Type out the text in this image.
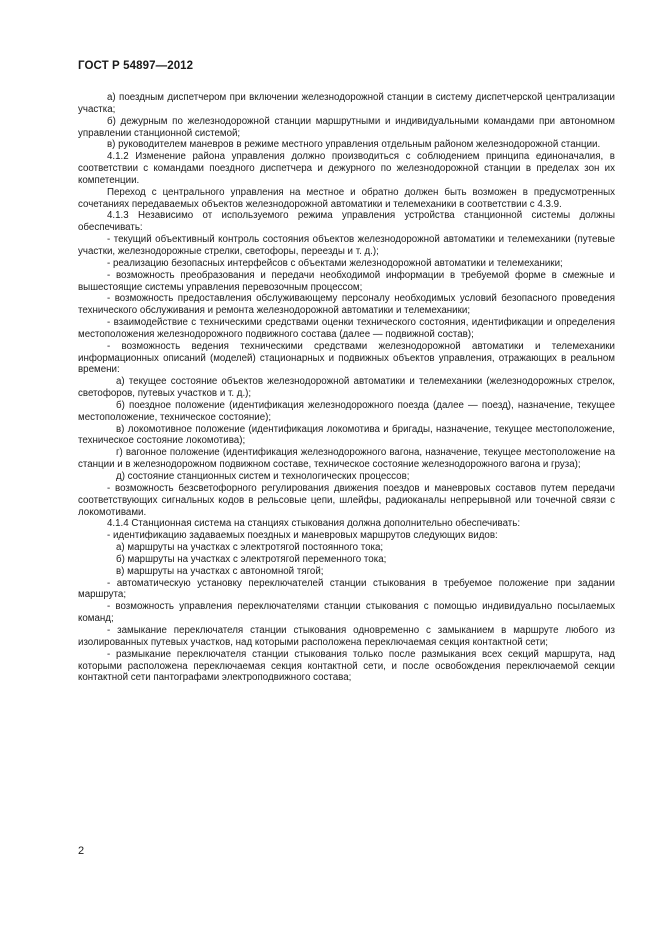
ГОСТ Р 54897—2012

а) поездным диспетчером при включении железнодорожной станции в систему диспетчерской централизации участка;

б) дежурным по железнодорожной станции маршрутными и индивидуальными командами при автономном управлении станционной системой;

в) руководителем маневров в режиме местного управления отдельным районом железнодорожной станции.

4.1.2 Изменение района управления должно производиться с соблюдением принципа единоначалия, в соответствии с командами поездного диспетчера и дежурного по железнодорожной станции в пределах зон их компетенции.

Переход с центрального управления на местное и обратно должен быть возможен в предусмотренных сочетаниях передаваемых объектов железнодорожной автоматики и телемеханики в соответствии с 4.3.9.

4.1.3 Независимо от используемого режима управления устройства станционной системы должны обеспечивать:

- текущий объективный контроль состояния объектов железнодорожной автоматики и телемеханики (путевые участки, железнодорожные стрелки, светофоры, переезды и т. д.);

- реализацию безопасных интерфейсов с объектами железнодорожной автоматики и телемеханики;

- возможность преобразования и передачи необходимой информации в требуемой форме в смежные и вышестоящие системы управления перевозочным процессом;

- возможность предоставления обслуживающему персоналу необходимых условий безопасного проведения технического обслуживания и ремонта железнодорожной автоматики и телемеханики;

- взаимодействие с техническими средствами оценки технического состояния, идентификации и определения местоположения железнодорожного подвижного состава (далее — подвижной состав);

- возможность ведения техническими средствами железнодорожной автоматики и телемеханики информационных описаний (моделей) стационарных и подвижных объектов управления, отражающих в реальном времени:

а) текущее состояние объектов железнодорожной автоматики и телемеханики (железнодорожных стрелок, светофоров, путевых участков и т. д.);

б) поездное положение (идентификация железнодорожного поезда (далее — поезд), назначение, текущее местоположение, техническое состояние);

в) локомотивное положение (идентификация локомотива и бригады, назначение, текущее местоположение, техническое состояние локомотива);

г) вагонное положение (идентификация железнодорожного вагона, назначение, текущее местоположение на станции и в железнодорожном подвижном составе, техническое состояние железнодорожного вагона и груза);

д) состояние станционных систем и технологических процессов;

- возможность безсветофорного регулирования движения поездов и маневровых составов путем передачи соответствующих сигнальных кодов в рельсовые цепи, шлейфы, радиоканалы непрерывной или точечной связи с локомотивами.

4.1.4 Станционная система на станциях стыкования должна дополнительно обеспечивать:

- идентификацию задаваемых поездных и маневровых маршрутов следующих видов:

а) маршруты на участках с электротягой постоянного тока;

б) маршруты на участках с электротягой переменного тока;

в) маршруты на участках с автономной тягой;

- автоматическую установку переключателей станции стыкования в требуемое положение при задании маршрута;

- возможность управления переключателями станции стыкования с помощью индивидуально посылаемых команд;

- замыкание переключателя станции стыкования одновременно с замыканием в маршруте любого из изолированных путевых участков, над которыми расположена переключаемая секция контактной сети;

- размыкание переключателя станции стыкования только после размыкания всех секций маршрута, над которыми расположена переключаемая секция контактной сети, и после освобождения переключаемой секции контактной сети пантографами электроподвижного состава;

2
